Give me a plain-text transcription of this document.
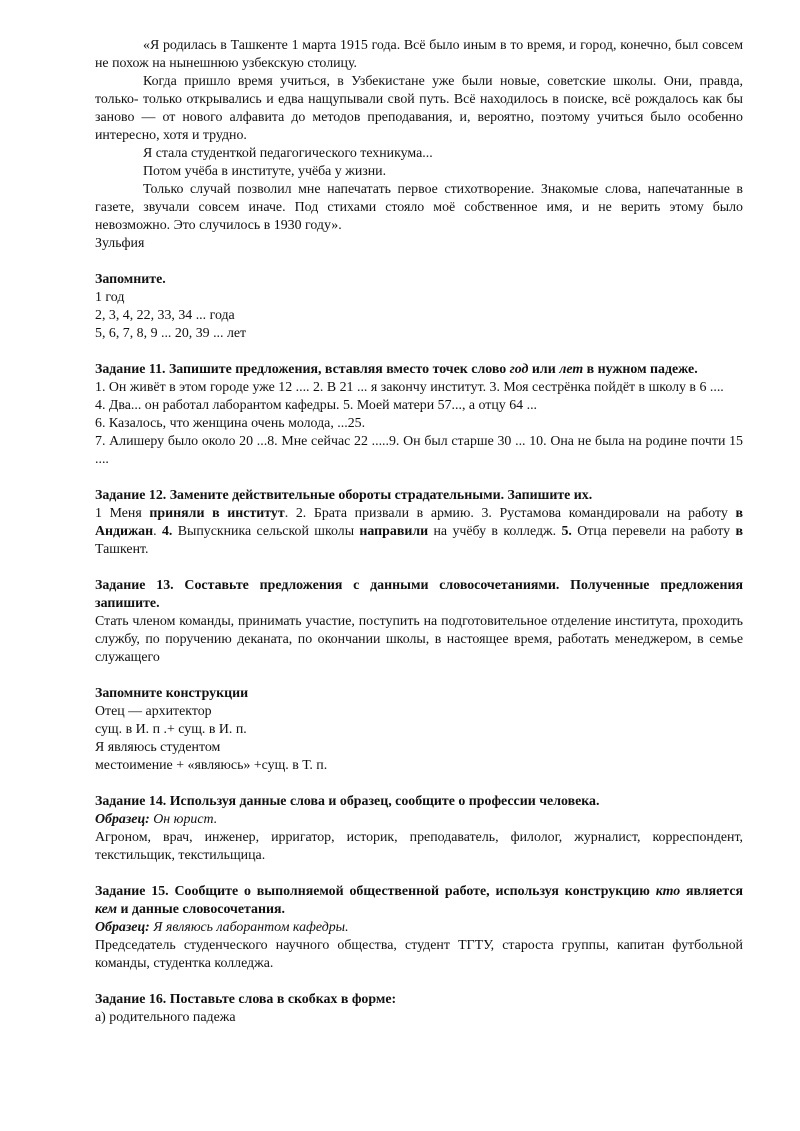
«Я родилась в Ташкенте 1 марта 1915 года. Всё было иным в то время, и город, конечно, был совсем не похож на нынешнюю узбекскую столицу.

Когда пришло время учиться, в Узбекистане уже были новые, советские школы. Они, правда, только- только открывались и едва нащупывали свой путь. Всё находилось в поиске, всё рождалось как бы заново — от нового алфавита до методов преподавания, и, вероятно, поэтому учиться было особенно интересно, хотя и трудно.

Я стала студенткой педагогического техникума...

Потом учёба в институте, учёба у жизни.

Только случай позволил мне напечатать первое стихотворение. Знакомые слова, напечатанные в газете, звучали совсем иначе. Под стихами стояло моё собственное имя, и не верить этому было невозможно. Это случилось в 1930 году».

Зульфия

Запомните.

1 год

2, 3, 4, 22, 33, 34 ... года

5, 6, 7, 8, 9 ... 20, 39 ... лет

Задание 11. Запишите предложения, вставляя вместо точек слово год или лет в нужном падеже.

1. Он живёт в этом городе уже 12 .... 2. В 21 ... я закончу институт. 3. Моя сестрёнка пойдёт в школу в 6 ....

4. Два... он работал лаборантом кафедры. 5. Моей матери 57..., а отцу 64 ...

6. Казалось, что женщина очень молода, ...25.

7. Алишеру было около 20 ...8. Мне сейчас 22 .....9. Он был старше 30 ... 10. Она не была на родине почти 15 ....

Задание 12. Замените действительные обороты страдательными. Запишите их.

1 Меня приняли в институт. 2. Брата призвали в армию. 3. Рустамова командировали на работу в Андижан. 4. Выпускника сельской школы направили на учёбу в колледж. 5. Отца перевели на работу в Ташкент.

Задание 13. Составьте предложения с данными словосочетаниями. Полученные предложения запишите.

Стать членом команды, принимать участие, поступить на подготовительное отделение института, проходить службу, по поручению деканата, по окончании школы, в настоящее время, работать менеджером, в семье служащего

Запомните конструкции

Отец — архитектор

сущ. в И. п .+ сущ. в И. п.

Я являюсь студентом

местоимение + «являюсь» +сущ. в Т. п.

Задание 14. Используя данные слова и образец, сообщите о профессии человека.

Образец: Он юрист.

Агроном, врач, инженер, ирригатор, историк, преподаватель, филолог, журналист, корреспондент, текстильщик, текстильщица.

Задание 15. Сообщите о выполняемой общественной работе, используя конструкцию кто является кем и данные словосочетания.

Образец: Я являюсь лаборантом кафедры.

Председатель студенческого научного общества, студент ТГТУ, староста группы, капитан футбольной команды, студентка колледжа.

Задание 16. Поставьте слова в скобках в форме:

а) родительного падежа
